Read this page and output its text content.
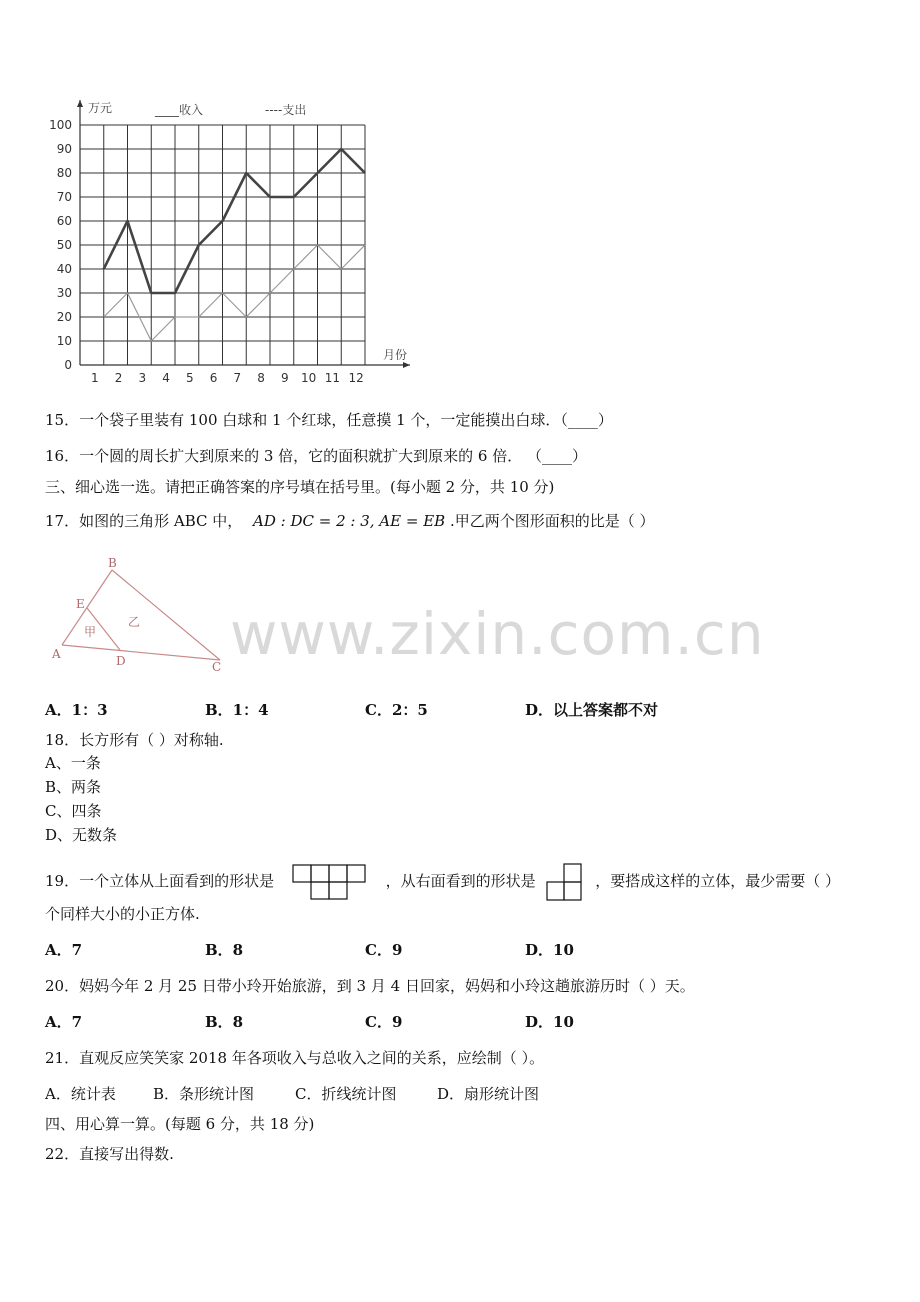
0
10
20
30
40
50
60
70
80
90
100
1 2 3 4 5 6 7 8 9 10 11 12
万元
月份
____收入	----支出
www.zixin.com.cn
15．一个袋子里装有 100 白球和 1 个红球，任意摸 1 个，一定能摸出白球．（____）
16．一个圆的周长扩大到原来的 3 倍，它的面积就扩大到原来的 6 倍． （____）
三、细心选一选。请把正确答案的序号填在括号里。(每小题 2 分，共 10 分)
17．如图的三角形 ABC 中， AD : DC = 2 : 3, AE = EB .甲乙两个图形面积的比是（ ）
B
E
A	D	C
甲
乙
A．1：3	B．1：4	C．2：5	D．以上答案都不对
18．长方形有（ ）对称轴.
A、一条
B、两条
C、四条
D、无数条
19．一个立体从上面看到的形状是	，从右面看到的形状是	，要搭成这样的立体，最少需要（ ）
个同样大小的小正方体.
A．7	B．8	C．9	D．10
20．妈妈今年 2 月 25 日带小玲开始旅游，到 3 月 4 日回家，妈妈和小玲这趟旅游历时（ ）天。
A．7	B．8	C．9	D．10
21．直观反应笑笑家 2018 年各项收入与总收入之间的关系，应绘制（ ）。
A．统计表 B．条形统计图	C．折线统计图	D．扇形统计图
四、用心算一算。(每题 6 分，共 18 分)
22．直接写出得数.
